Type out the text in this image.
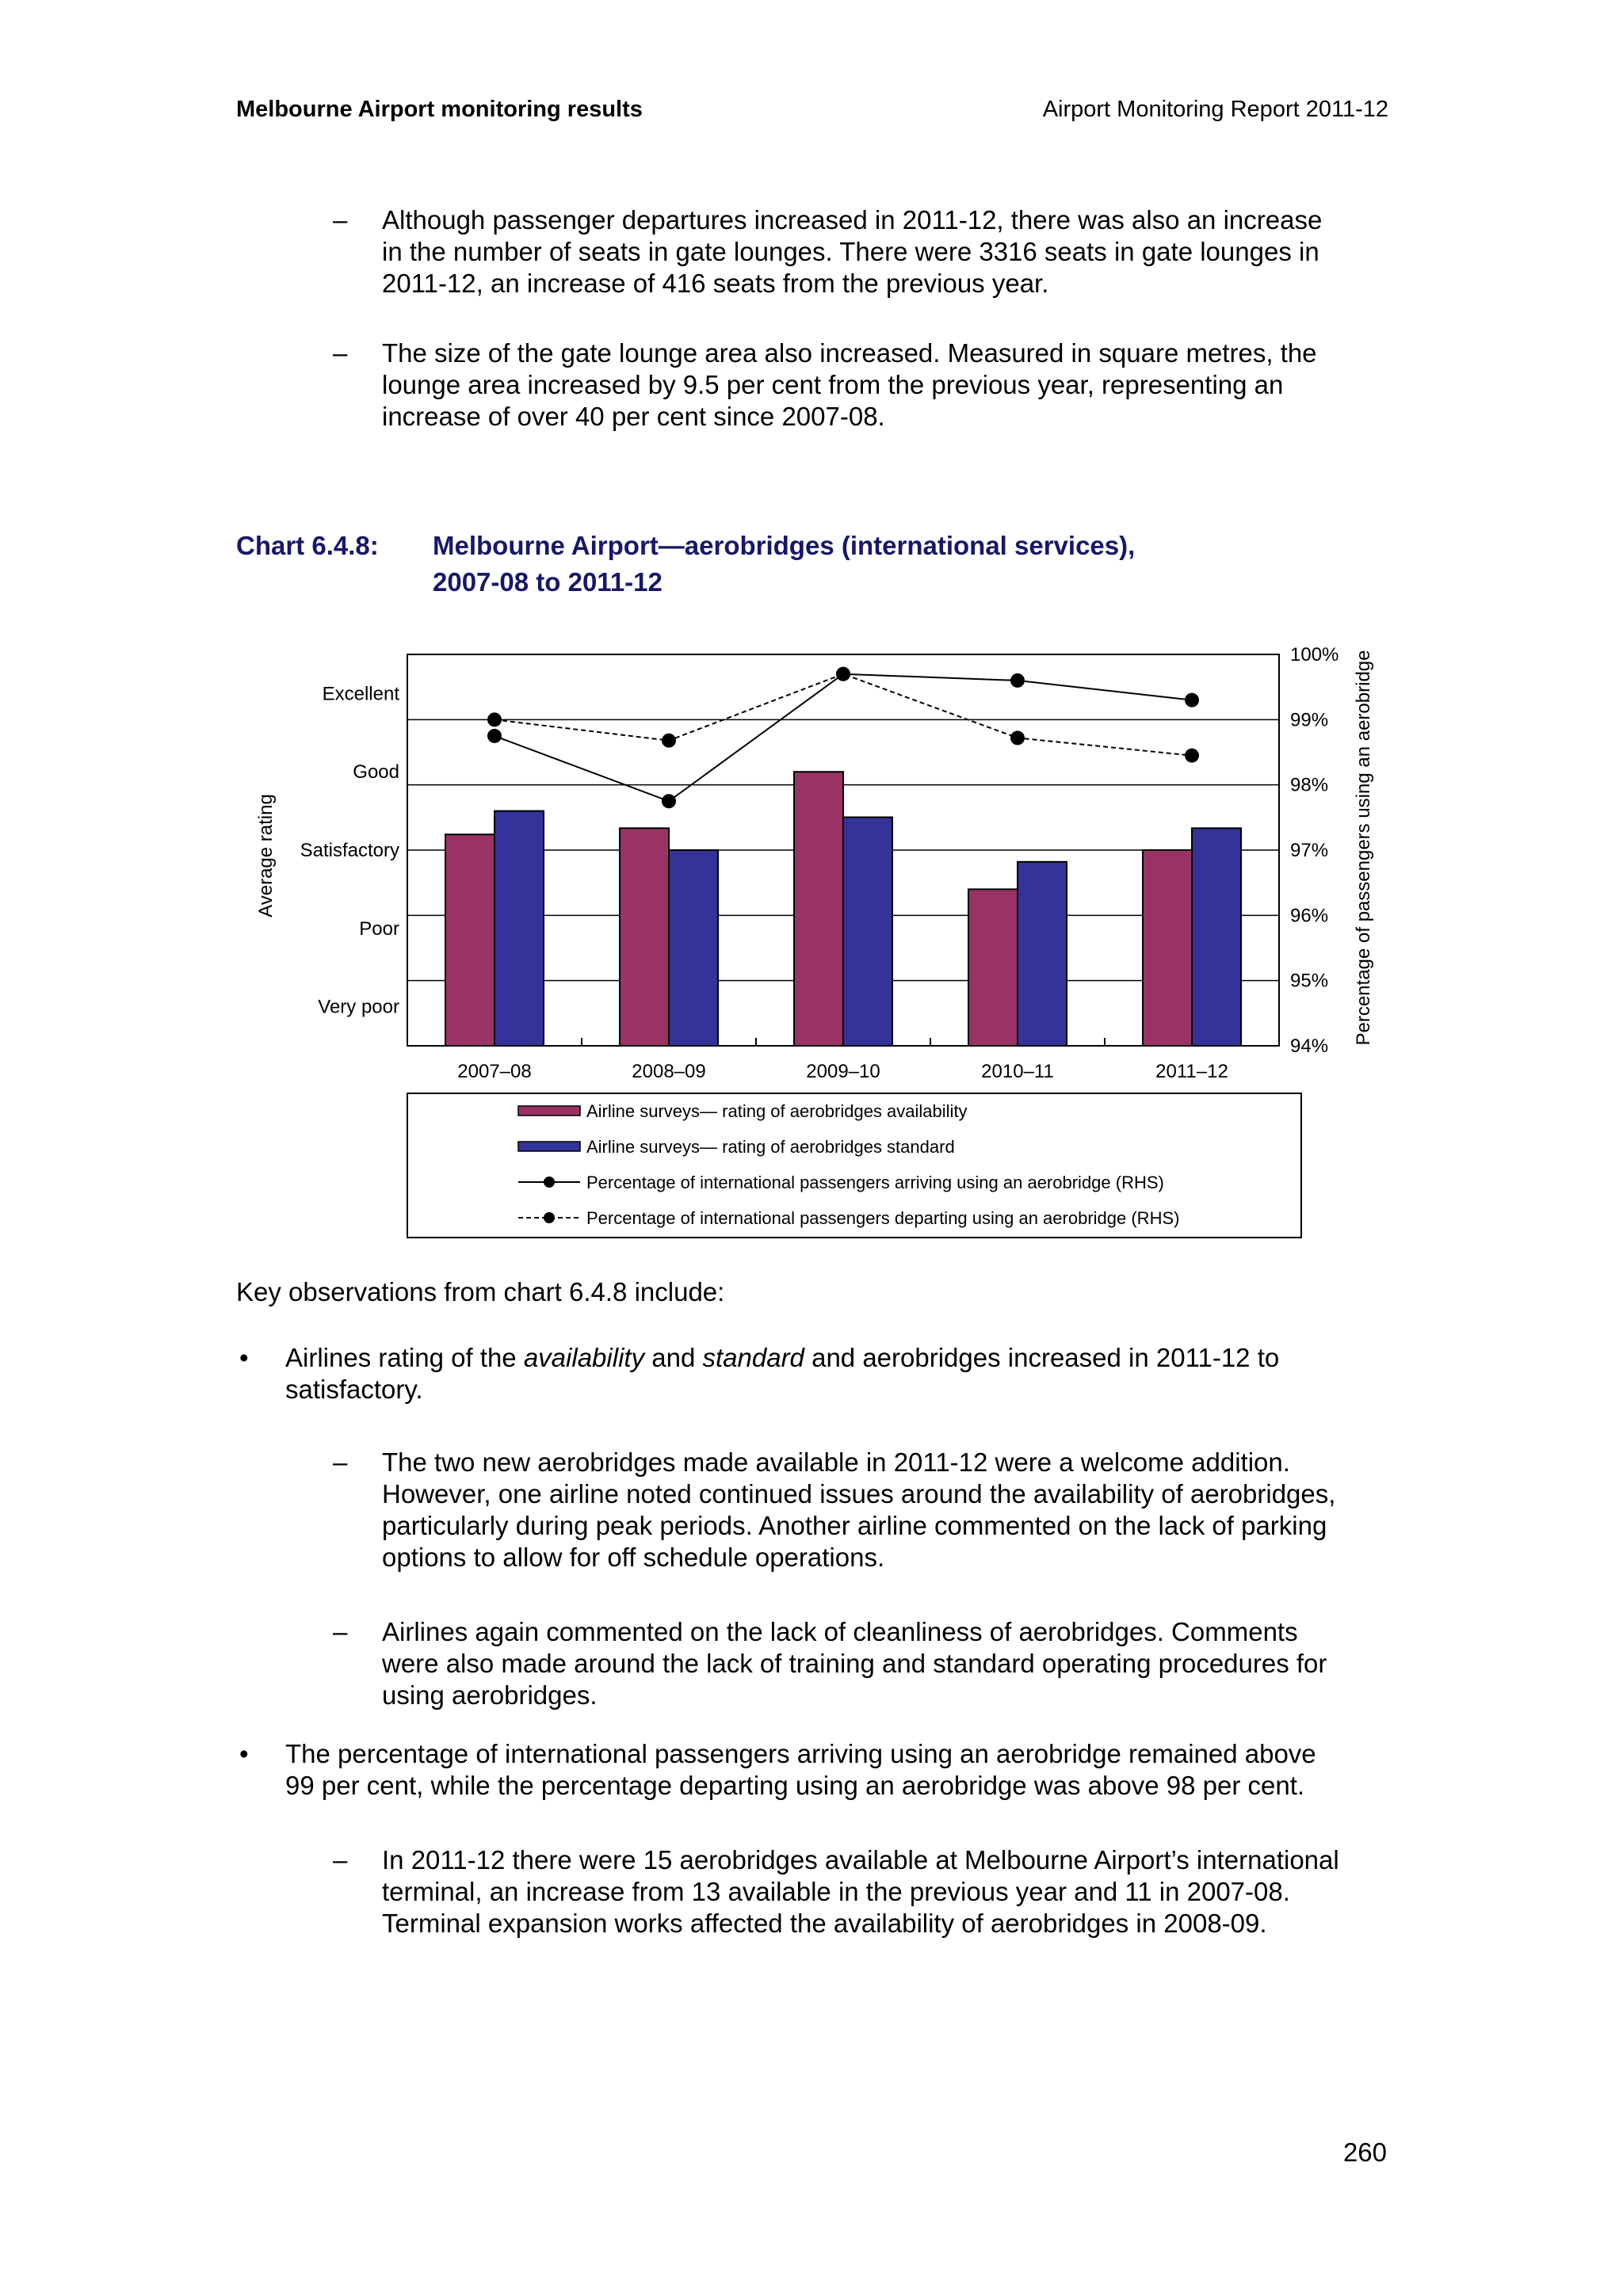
Melbourne Airport monitoring results	Airport Monitoring Report 2011-12
– Although passenger departures increased in 2011-12, there was also an increase
in the number of seats in gate lounges. There were 3316 seats in gate lounges in
2011-12, an increase of 416 seats from the previous year.
– The size of the gate lounge area also increased. Measured in square metres, the
lounge area increased by 9.5 per cent from the previous year, representing an
increase of over 40 per cent since 2007-08.
Chart 6.4.8: Melbourne Airport—aerobridges (international services),
2007-08 to 2011-12
Very poor
Poor
Satisfactory
Good
Excellent
94%
95%
96%
97%
98%
99%
100%
2007–08	2008–09	2009–10	2010–11	2011–12
Average rating	Percentage of passengers using an aerobridge
Airline surveys— rating of aerobridges availability
Airline surveys— rating of aerobridges standard
Percentage of international passengers arriving using an aerobridge (RHS)
Percentage of international passengers departing using an aerobridge (RHS)
Key observations from chart 6.4.8 include:
• Airlines rating of the availability and standard and aerobridges increased in 2011-12 to
satisfactory.
– The two new aerobridges made available in 2011-12 were a welcome addition.
However, one airline noted continued issues around the availability of aerobridges,
particularly during peak periods. Another airline commented on the lack of parking
options to allow for off schedule operations.
– Airlines again commented on the lack of cleanliness of aerobridges. Comments
were also made around the lack of training and standard operating procedures for
using aerobridges.
• The percentage of international passengers arriving using an aerobridge remained above
99 per cent, while the percentage departing using an aerobridge was above 98 per cent.
– In 2011-12 there were 15 aerobridges available at Melbourne Airport’s international
terminal, an increase from 13 available in the previous year and 11 in 2007-08.
Terminal expansion works affected the availability of aerobridges in 2008-09.
260
